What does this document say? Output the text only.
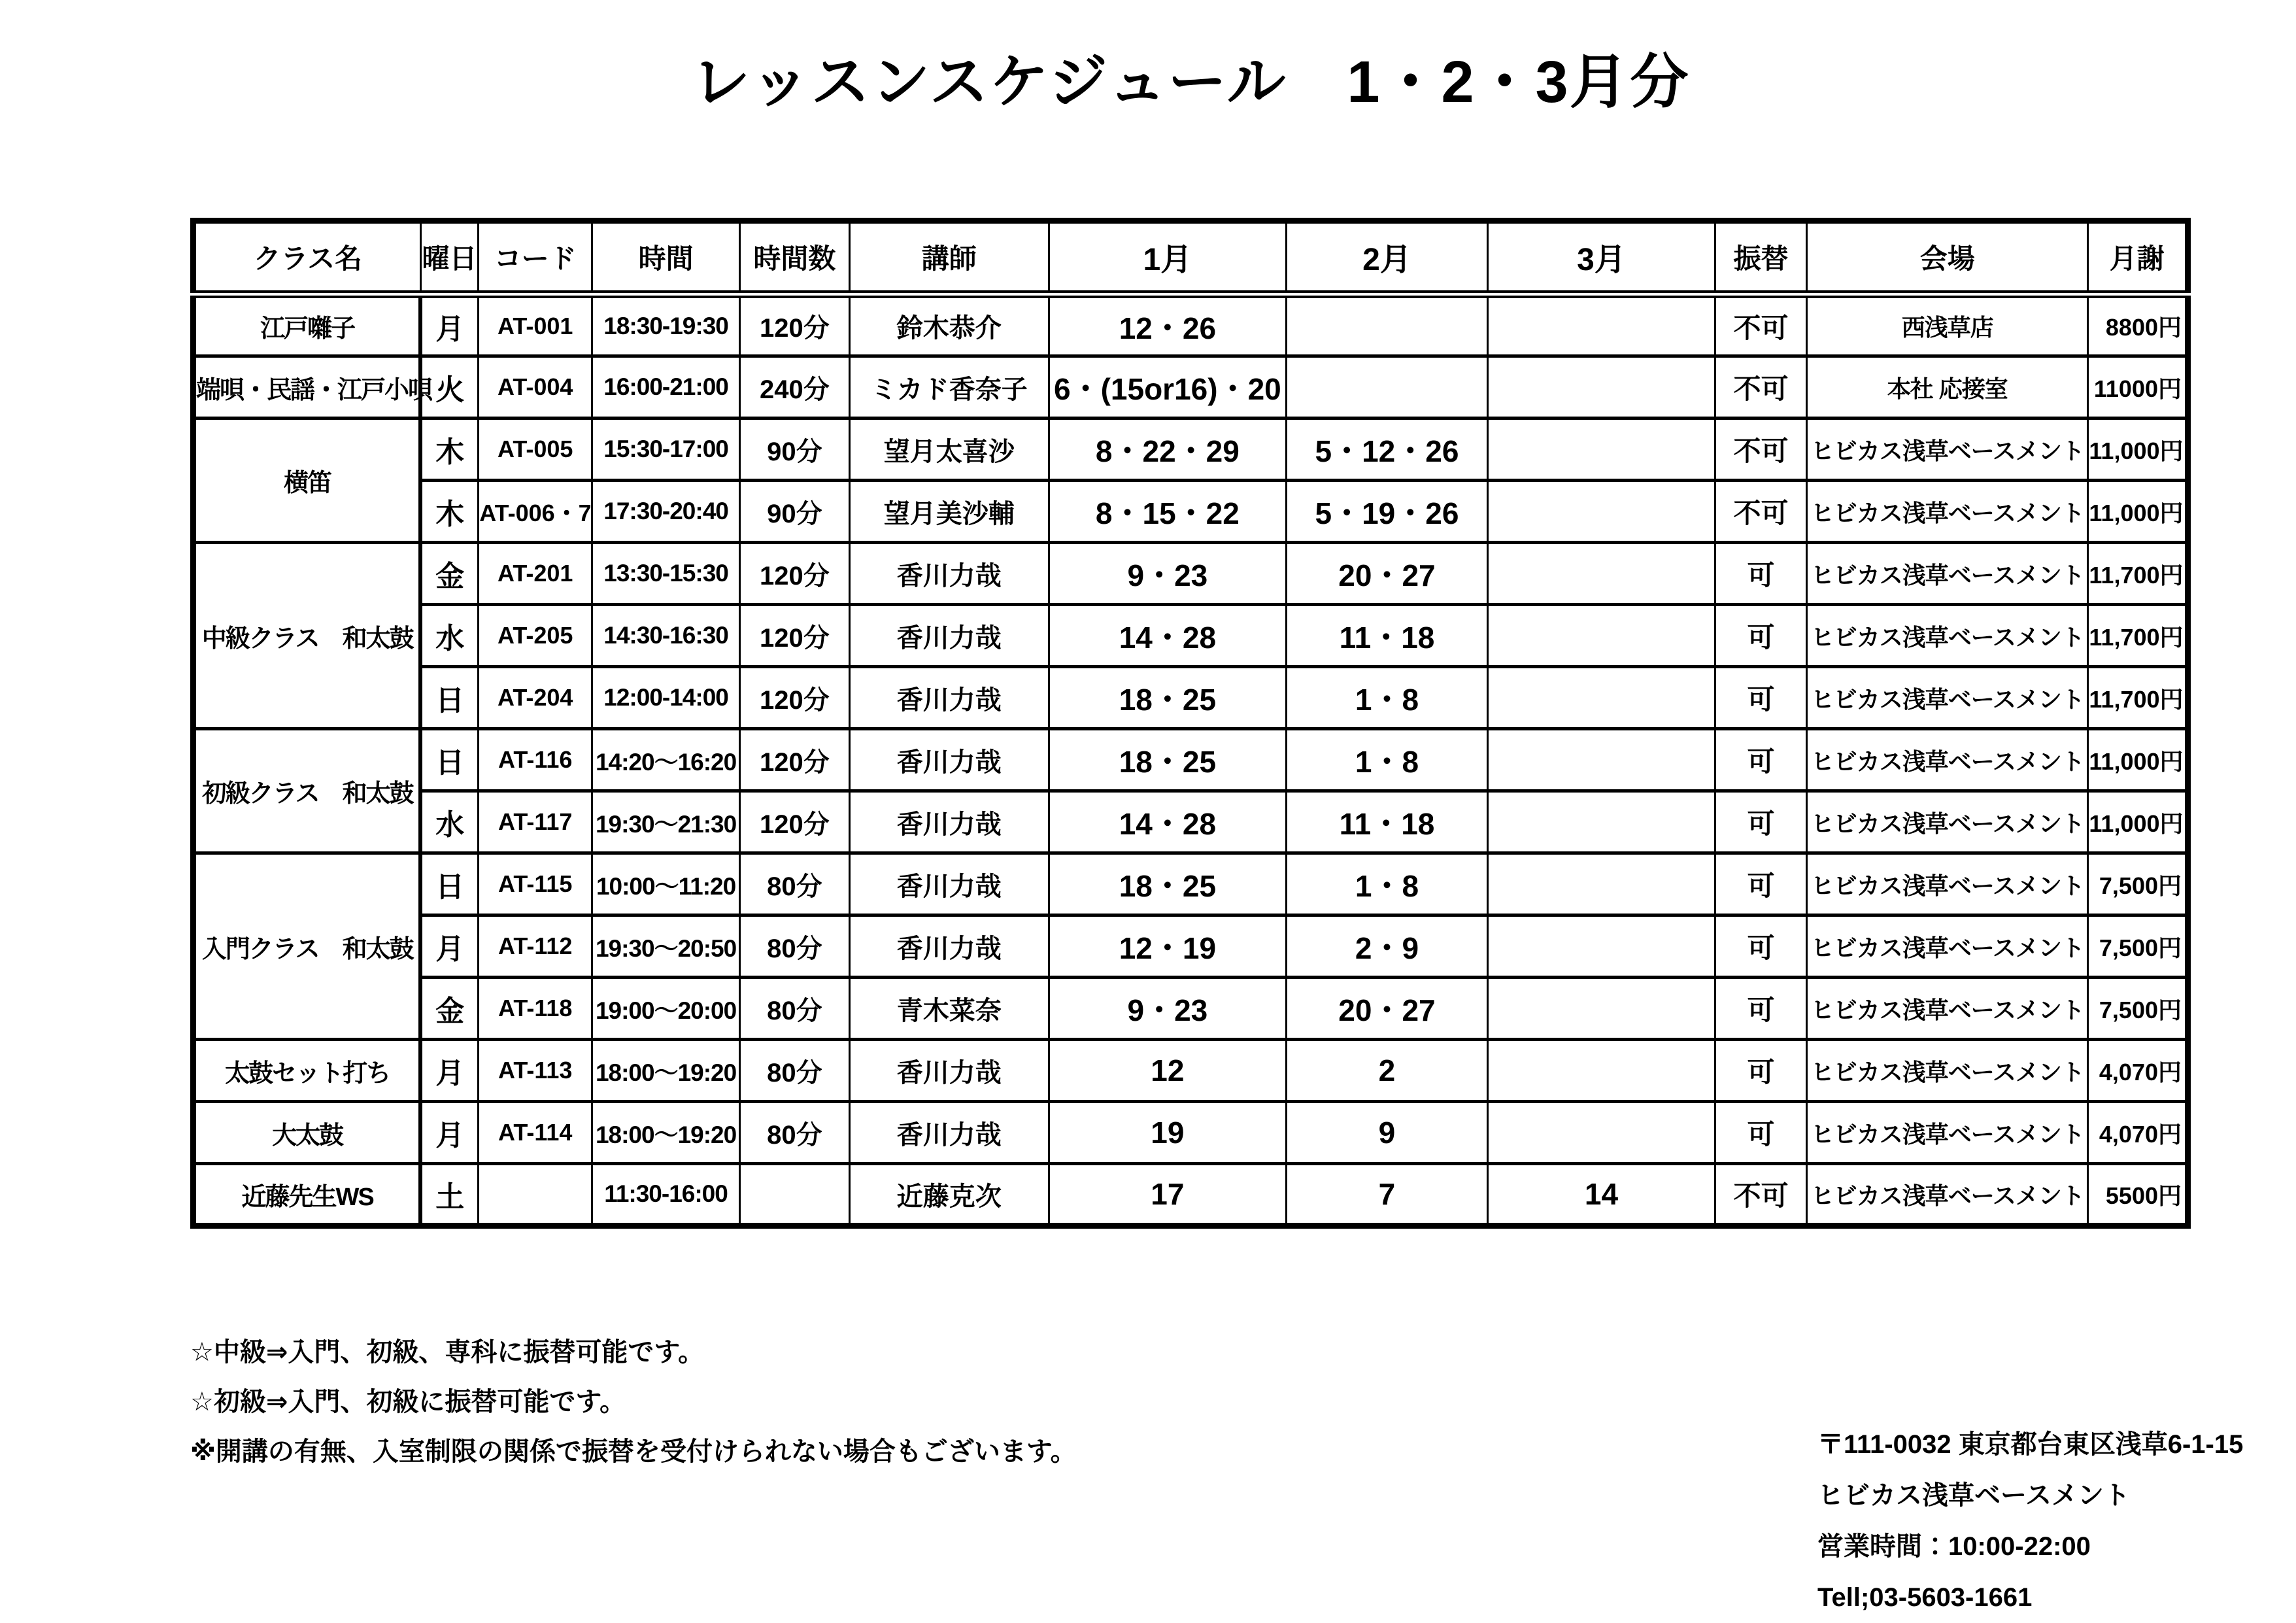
レッスンスケジュール　1・2・3月分
クラス名	曜日	コード	時間	時間数	講師	1月	2月	3月	振替	会場	月謝
江戸囃子	月	AT-001	18:30-19:30	120分	鈴木恭介	12・26			不可	西浅草店	8800円
端唄・民謡・江戸小唄	火	AT-004	16:00-21:00	240分	ミカド香奈子	6・(15or16)・20			不可	本社 応接室	11000円
横笛	木	AT-005	15:30-17:00	90分	望月太喜沙	8・22・29	5・12・26		不可	ヒビカス浅草ベースメント	11,000円
	木	AT-006・7	17:30-20:40	90分	望月美沙輔	8・15・22	5・19・26		不可	ヒビカス浅草ベースメント	11,000円
中級クラス　和太鼓	金	AT-201	13:30-15:30	120分	香川力哉	9・23	20・27		可	ヒビカス浅草ベースメント	11,700円
	水	AT-205	14:30-16:30	120分	香川力哉	14・28	11・18		可	ヒビカス浅草ベースメント	11,700円
	日	AT-204	12:00-14:00	120分	香川力哉	18・25	1・8		可	ヒビカス浅草ベースメント	11,700円
初級クラス　和太鼓	日	AT-116	14:20～16:20	120分	香川力哉	18・25	1・8		可	ヒビカス浅草ベースメント	11,000円
	水	AT-117	19:30～21:30	120分	香川力哉	14・28	11・18		可	ヒビカス浅草ベースメント	11,000円
入門クラス　和太鼓	日	AT-115	10:00～11:20	80分	香川力哉	18・25	1・8		可	ヒビカス浅草ベースメント	7,500円
	月	AT-112	19:30～20:50	80分	香川力哉	12・19	2・9		可	ヒビカス浅草ベースメント	7,500円
	金	AT-118	19:00～20:00	80分	青木菜奈	9・23	20・27		可	ヒビカス浅草ベースメント	7,500円
太鼓セット打ち	月	AT-113	18:00～19:20	80分	香川力哉	12	2		可	ヒビカス浅草ベースメント	4,070円
大太鼓	月	AT-114	18:00～19:20	80分	香川力哉	19	9		可	ヒビカス浅草ベースメント	4,070円
近藤先生WS	土		11:30-16:00		近藤克次	17	7	14	不可	ヒビカス浅草ベースメント	5500円
☆中級⇒入門、初級、専科に振替可能です。
☆初級⇒入門、初級に振替可能です。
※開講の有無、入室制限の関係で振替を受付けられない場合もございます。	〒111-0032 東京都台東区浅草6-1-15
ヒビカス浅草ベースメント
営業時間：10:00-22:00
Tell;03-5603-1661
